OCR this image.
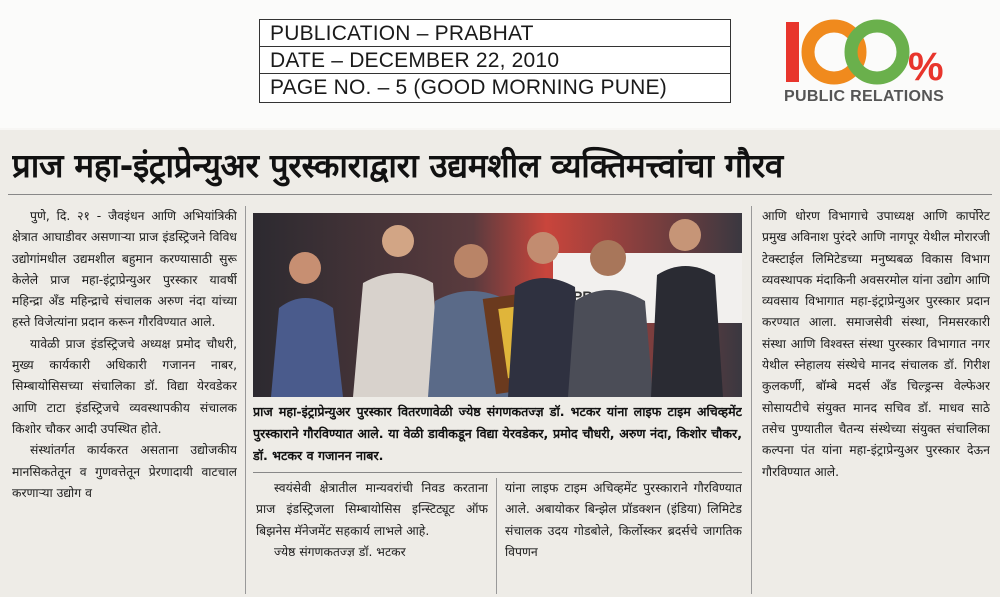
PUBLICATION – PRABHAT
DATE – DECEMBER 22, 2010
PAGE NO. – 5 (GOOD MORNING PUNE)	%
PUBLIC RELATIONS
प्राज महा-इंट्राप्रेन्युअर पुरस्काराद्वारा उद्यमशील व्यक्तिमत्त्वांचा गौरव

पुणे, दि. २१ - जैवइंधन आणि अभियांत्रिकी क्षेत्रात आघाडीवर असणाऱ्या प्राज इंडस्ट्रिजने विविध उद्योगांमधील उद्यमशील बहुमान करण्यासाठी सुरू केलेले प्राज महा-इंट्राप्रेन्युअर पुरस्कार यावर्षी महिन्द्रा अँड महिन्द्राचे संचालक अरुण नंदा यांच्या हस्ते विजेत्यांना प्रदान करून गौरविण्यात आले.

यावेळी प्राज इंडस्ट्रिजचे अध्यक्ष प्रमोद चौधरी, मुख्य कार्यकारी अधिकारी गजानन नाबर, सिम्बायोसिसच्या संचालिका डॉ. विद्या येरवडेकर आणि टाटा इंडस्ट्रिजचे व्यवस्थापकीय संचालक किशोर चौकर आदी उपस्थित होते.

संस्थांतर्गत कार्यकरत असताना उद्योजकीय मानसिकतेतून व गुणवत्तेतून प्रेरणादायी वाटचाल करणाऱ्या उद्योग व

प्राज महा-इंट्राप्रेन्युअर पुरस्कार वितरणावेळी ज्येष्ठ संगणकतज्ज्ञ डॉ. भटकर यांना लाइफ टाइम अचिव्हमेंट पुरस्काराने गौरविण्यात आले. या वेळी डावीकडून विद्या येरवडेकर, प्रमोद चौधरी, अरुण नंदा, किशोर चौकर, डॉ. भटकर व गजानन नाबर.

स्वयंसेवी क्षेत्रातील मान्यवरांची निवड करताना प्राज इंडस्ट्रिजला सिम्बायोसिस इन्स्टिट्यूट ऑफ बिझनेस मॅनेजमेंट सहकार्य लाभले आहे.

ज्येष्ठ संगणकतज्ज्ञ डॉ. भटकर

यांना लाइफ टाइम अचिव्हमेंट पुरस्काराने गौरविण्यात आले. अबायोकर बिन्झेल प्रॉडक्शन (इंडिया) लिमिटेड संचालक उदय गोडबोले, किर्लोस्कर ब्रदर्सचे जागतिक विपणन

आणि धोरण विभागाचे उपाध्यक्ष आणि कार्पोरेट प्रमुख अविनाश पुरंदरे आणि नागपूर येथील मोरारजी टेक्स्टाईल लिमिटेडच्या मनुष्यबळ विकास विभाग व्यवस्थापक मंदाकिनी अवसरमोल यांना उद्योग आणि व्यवसाय विभागात महा-इंट्राप्रेन्युअर पुरस्कार प्रदान करण्यात आला. समाजसेवी संस्था, निमसरकारी संस्था आणि विश्वस्त संस्था पुरस्कार विभागात नगर येथील स्नेहालय संस्थेचे मानद संचालक डॉ. गिरीश कुलकर्णी, बॉम्बे मदर्स अँड चिल्ड्रन्स वेल्फेअर सोसायटीचे संयुक्त मानद सचिव डॉ. माधव साठे तसेच पुण्यातील चैतन्य संस्थेच्या संयुक्त संचालिका कल्पना पंत यांना महा-इंट्राप्रेन्युअर पुरस्कार देऊन गौरविण्यात आले.
